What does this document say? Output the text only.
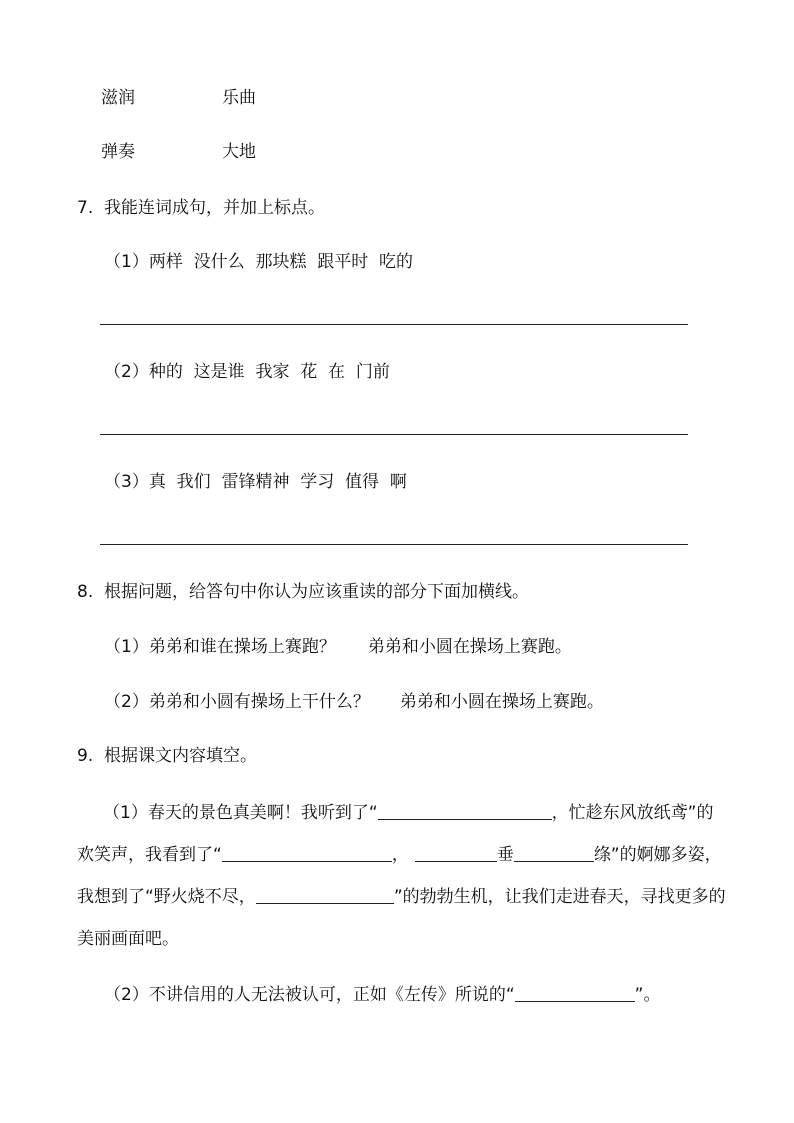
滋润	乐曲
弹奏	大地
7. 我能连词成句，并加上标点。
（1）两样  没什么  那块糕  跟平时  吃的
（2）种的  这是谁  我家  花  在  门前
（3）真  我们  雷锋精神  学习  值得  啊
8. 根据问题，给答句中你认为应该重读的部分下面加横线。
（1）弟弟和谁在操场上赛跑？ 弟弟和小圆在操场上赛跑。
（2）弟弟和小圆有操场上干什么？ 弟弟和小圆在操场上赛跑。
9. 根据课文内容填空。
（1）春天的景色真美啊！我听到了“	，忙趁东风放纸鸢”的欢笑声，我看到了“	，	垂	绦”的婀娜多姿，我想到了“野火烧不尽，	”的勃勃生机，让我们走进春天，寻找更多的美丽画面吧。
（2）不讲信用的人无法被认可，正如《左传》所说的“	”。
